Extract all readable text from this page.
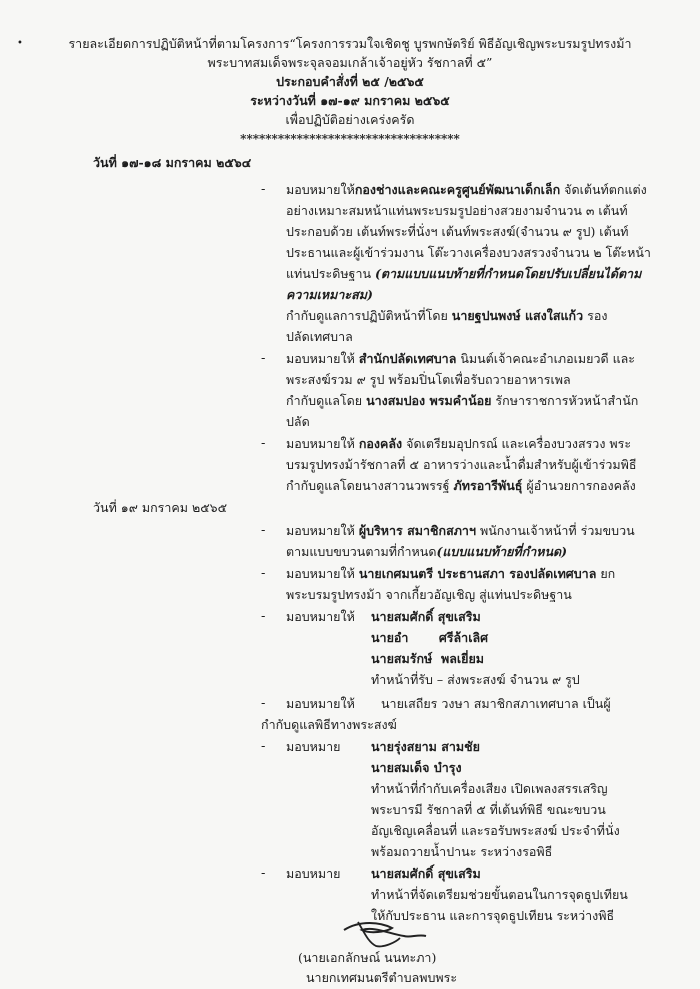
•	รายละเอียดการปฏิบัติหน้าที่ตามโครงการ“โครงการรวมใจเชิดชู บูรพกษัตริย์ พิธีอัญเชิญพระบรมรูปทรงม้า
พระบาทสมเด็จพระจุลจอมเกล้าเจ้าอยู่หัว รัชกาลที่ ๕”
ประกอบคำสั่งที่ ๒๕ /๒๕๖๕
ระหว่างวันที่ ๑๗-๑๙ มกราคม ๒๕๖๕
เพื่อปฏิบัติอย่างเคร่งครัด
***********************************
วันที่ ๑๗-๑๘ มกราคม ๒๕๖๔
- มอบหมายให้กองช่างและคณะครูศูนย์พัฒนาเด็กเล็ก จัดเต้นท์ตกแต่ง
อย่างเหมาะสมหน้าแท่นพระบรมรูปอย่างสวยงามจำนวน ๓ เต้นท์
ประกอบด้วย เต้นท์พระที่นั่งฯ เต้นท์พระสงฆ์(จำนวน ๙ รูป) เต้นท์
ประธานและผู้เข้าร่วมงาน โต๊ะวางเครื่องบวงสรวงจำนวน ๒ โต๊ะหน้า
แท่นประดิษฐาน (ตามแบบแนบท้ายที่กำหนดโดยปรับเปลี่ยนได้ตาม
ความเหมาะสม)
กำกับดูแลการปฏิบัติหน้าที่โดย นายฐปนพงษ์ แสงใสแก้ว รอง
ปลัดเทศบาล
- มอบหมายให้ สำนักปลัดเทศบาล นิมนต์เจ้าคณะอำเภอเมยวดี และ
พระสงฆ์รวม ๙ รูป พร้อมปิ่นโตเพื่อรับถวายอาหารเพล
กำกับดูแลโดย นางสมปอง พรมคำน้อย รักษาราชการหัวหน้าสำนัก
ปลัด
- มอบหมายให้ กองคลัง จัดเตรียมอุปกรณ์ และเครื่องบวงสรวง พระ
บรมรูปทรงม้ารัชกาลที่ ๕ อาหารว่างและน้ำดื่มสำหรับผู้เข้าร่วมพิธี
กำกับดูแลโดยนางสาวนวพรรฐ์ ภัทรอารีพันธุ์ ผู้อำนวยการกองคลัง
วันที่ ๑๙ มกราคม ๒๕๖๕
- มอบหมายให้ ผู้บริหาร สมาชิกสภาฯ พนักงานเจ้าหน้าที่ ร่วมขบวน
ตามแบบขบวนตามที่กำหนด(แบบแนบท้ายที่กำหนด)
- มอบหมายให้ นายเกศมนตรี ประธานสภา รองปลัดเทศบาล ยก
พระบรมรูปทรงม้า จากเกี้ยวอัญเชิญ สู่แท่นประดิษฐาน
- มอบหมายให้ นายสมศักดิ์ สุขเสริม
นายอำ       ศรีล้าเลิศ
นายสมรักษ์  พลเยี่ยม
ทำหน้าที่รับ – ส่งพระสงฆ์ จำนวน ๙ รูป
- มอบหมายให้ นายเสถียร วงษา สมาชิกสภาเทศบาล เป็นผู้
กำกับดูแลพิธีทางพระสงฆ์
- มอบหมาย นายรุ่งสยาม สามชัย
นายสมเด็จ บำรุง
ทำหน้าที่กำกับเครื่องเสียง เปิดเพลงสรรเสริญ
พระบารมี รัชกาลที่ ๕ ที่เต้นท์พิธี ขณะขบวน
อัญเชิญเคลื่อนที่ และรอรับพระสงฆ์ ประจำที่นั่ง
พร้อมถวายน้ำปานะ ระหว่างรอพิธี
- มอบหมาย นายสมศักดิ์ สุขเสริม
ทำหน้าที่จัดเตรียมช่วยขั้นตอนในการจุดธูปเทียน
ให้กับประธาน และการจุดธูปเทียน ระหว่างพิธี
(นายเอกลักษณ์ นนทะภา)
นายกเทศมนตรีตำบลพบพระ
